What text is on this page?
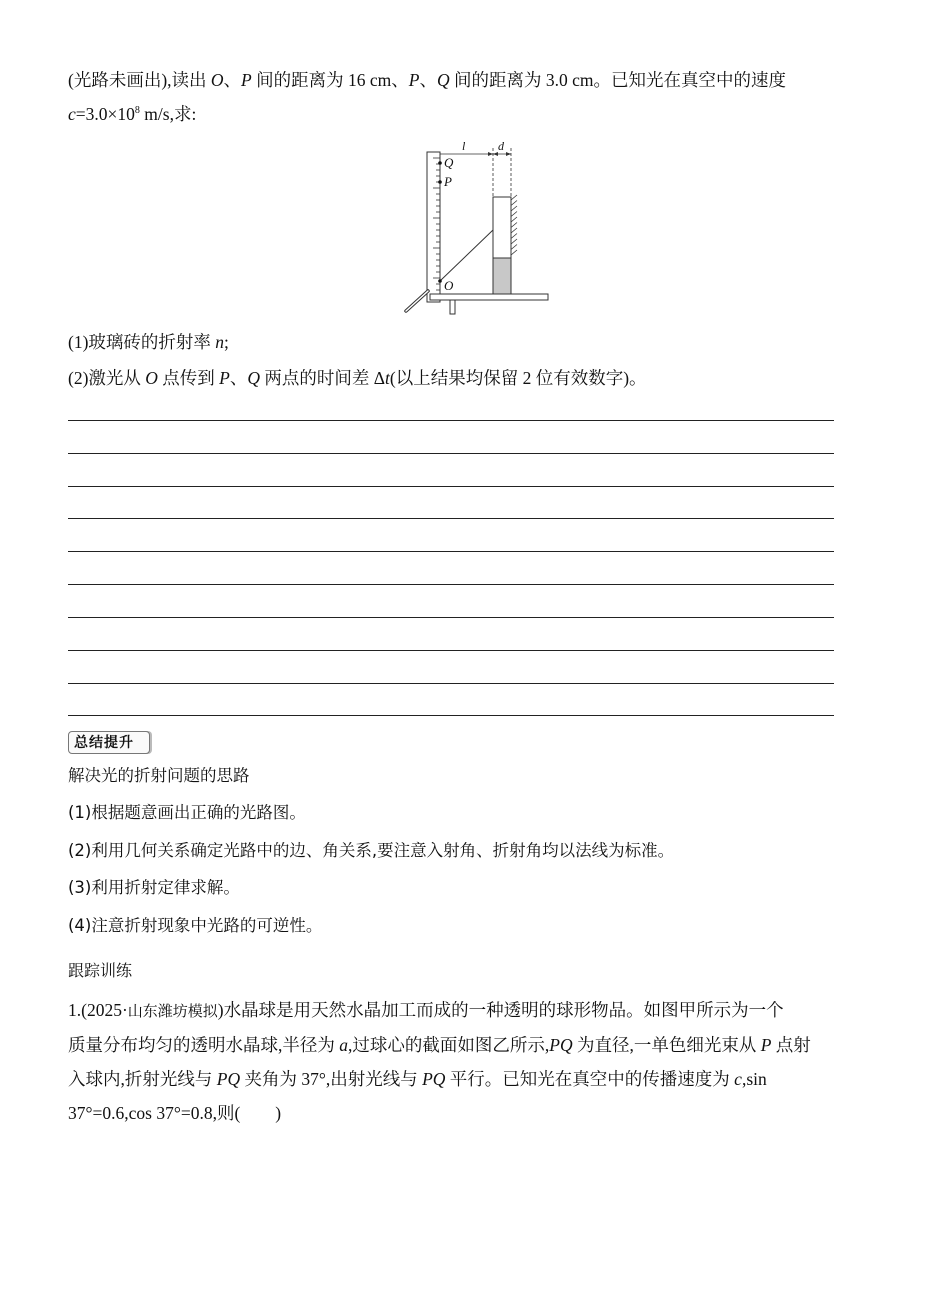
(光路未画出),读出 O、P 间的距离为 16 cm、P、Q 间的距离为 3.0 cm。已知光在真空中的速度
$c=3.0\times 10^8$ m/s,求:
Q
P
O
l	d
(1)玻璃砖的折射率 n;
(2)激光从 O 点传到 P、Q 两点的时间差 Δt(以上结果均保留 2 位有效数字)。
总结提升
解决光的折射问题的思路
(1)根据题意画出正确的光路图。
(2)利用几何关系确定光路中的边、角关系,要注意入射角、折射角均以法线为标准。
(3)利用折射定律求解。
(4)注意折射现象中光路的可逆性。
跟踪训练
1.(2025·山东潍坊模拟)水晶球是用天然水晶加工而成的一种透明的球形物品。如图甲所示为一个
质量分布均匀的透明水晶球,半径为 a,过球心的截面如图乙所示,PQ 为直径,一单色细光束从 P 点射
入球内,折射光线与 PQ 夹角为 37°,出射光线与 PQ 平行。已知光在真空中的传播速度为 c,sin
37°=0.6,cos 37°=0.8,则(　　)
